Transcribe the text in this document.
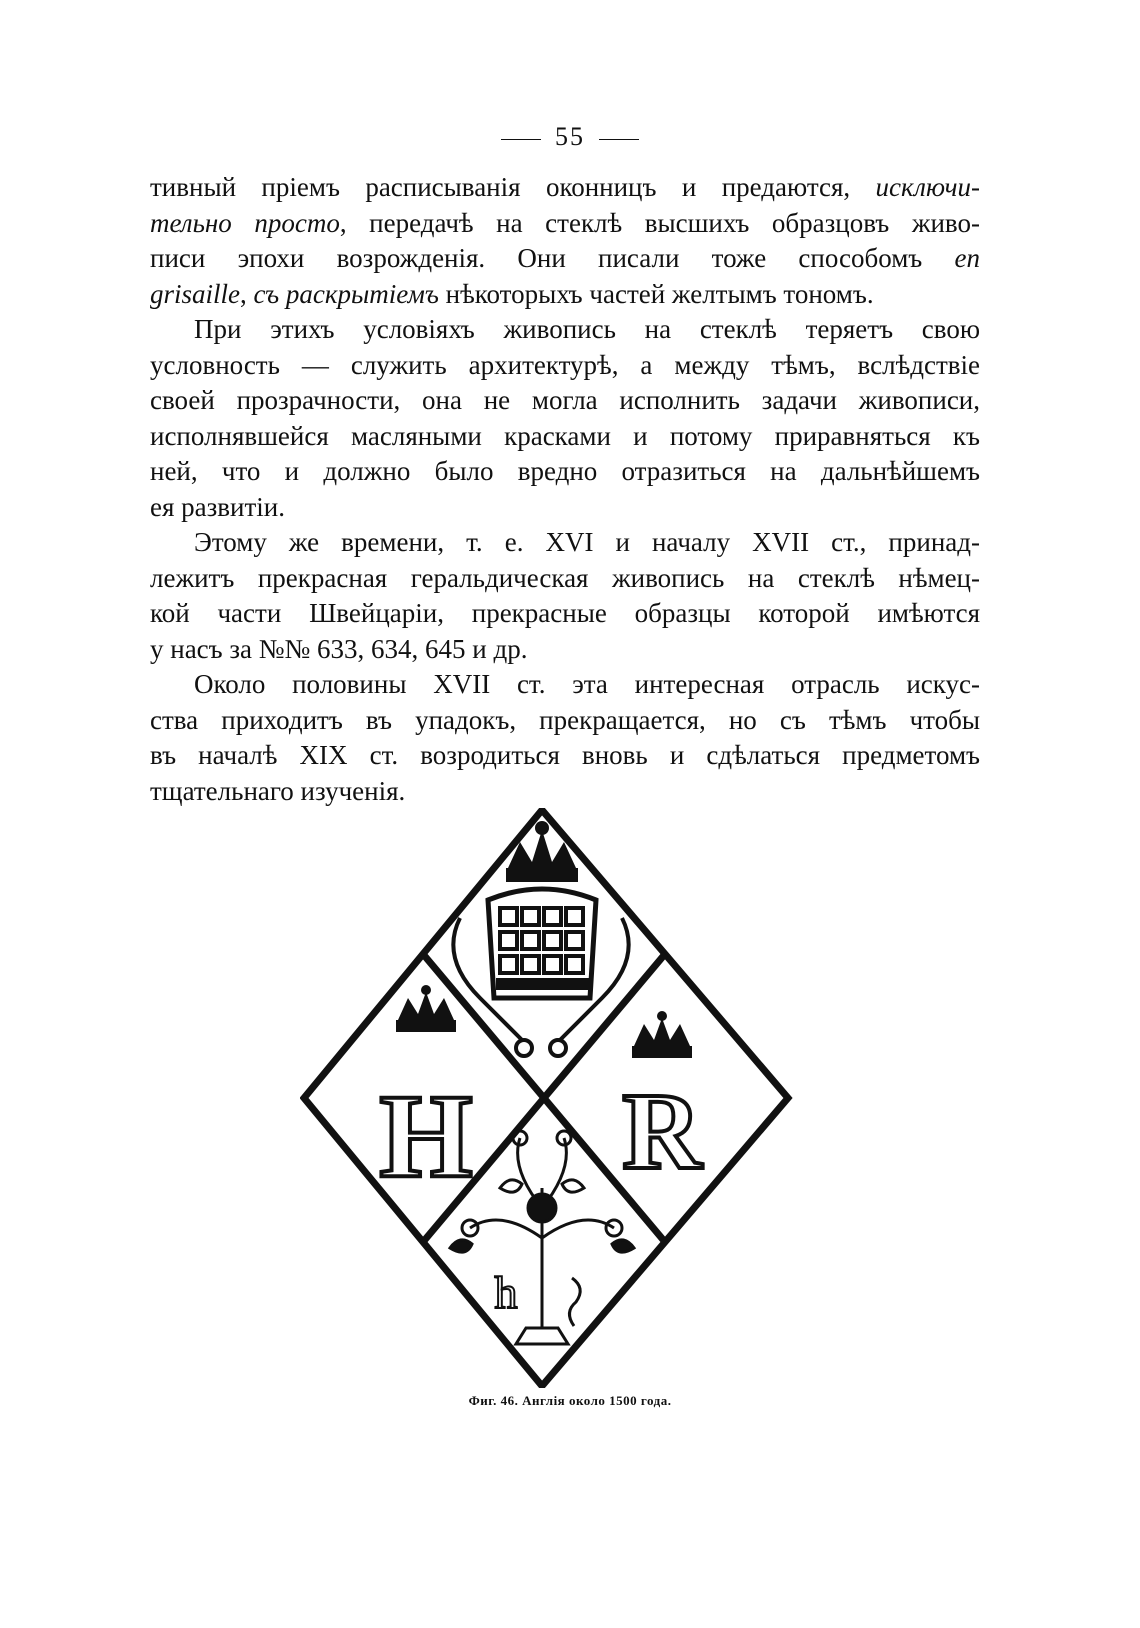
55
тивный пріемъ расписыванія оконницъ и предаются, исключи-
тельно просто, передачѣ на стеклѣ высшихъ образцовъ живо-
писи эпохи возрожденія. Они писали тоже способомъ en
grisaille, съ раскрытіемъ нѣкоторыхъ частей желтымъ тономъ.
При этихъ условіяхъ живопись на стеклѣ теряетъ свою
условность — служить архитектурѣ, а между тѣмъ, вслѣдствіе
своей прозрачности, она не могла исполнить задачи живописи,
исполнявшейся масляными красками и потому приравняться къ
ней, что и должно было вредно отразиться на дальнѣйшемъ
ея развитіи.
Этому же времени, т. е. XVI и началу XVII ст., принад-
лежитъ прекрасная геральдическая живопись на стеклѣ нѣмец-
кой части Швейцаріи, прекрасные образцы которой имѣются
у насъ за №№ 633, 634, 645 и др.
Около половины XVII ст. эта интересная отрасль искус-
ства приходитъ въ упадокъ, прекращается, но съ тѣмъ чтобы
въ началѣ XIX ст. возродиться вновь и сдѣлаться предметомъ
тщательнаго изученія.
H R
h
Фиг. 46. Англія около 1500 года.
